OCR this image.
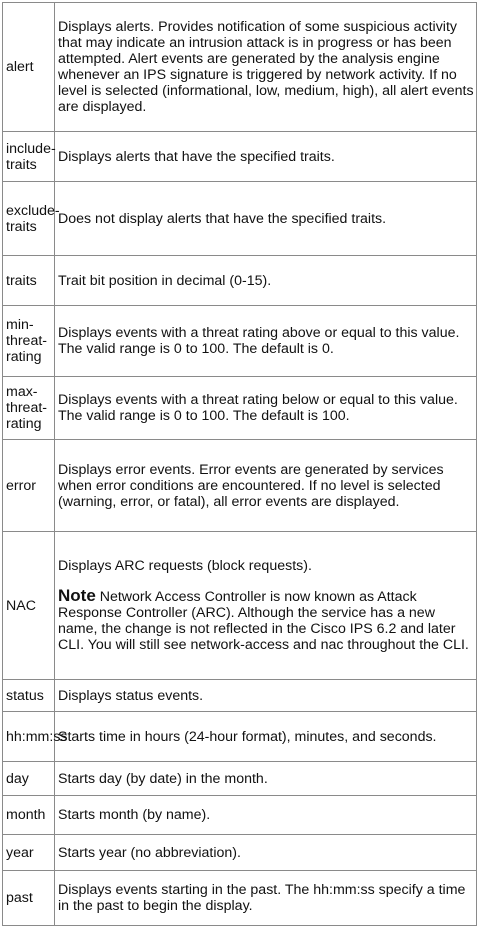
alert	Displays alerts. Provides notification of some suspicious activity that may indicate an intrusion attack is in progress or has been attempted. Alert events are generated by the analysis engine whenever an IPS signature is triggered by network activity. If no level is selected (informational, low, medium, high), all alert events are displayed.
include-traits	Displays alerts that have the specified traits.
exclude-traits	Does not display alerts that have the specified traits.
traits	Trait bit position in decimal (0-15).
min-threat-rating	Displays events with a threat rating above or equal to this value. The valid range is 0 to 100. The default is 0.
max-threat-rating	Displays events with a threat rating below or equal to this value. The valid range is 0 to 100. The default is 100.
error	Displays error events. Error events are generated by services when error conditions are encountered. If no level is selected (warning, error, or fatal), all error events are displayed.
NAC	Displays ARC requests (block requests).
Note Network Access Controller is now known as Attack Response Controller (ARC). Although the service has a new name, the change is not reflected in the Cisco IPS 6.2 and later CLI. You will still see network-access and nac throughout the CLI.

status	Displays status events.
hh:mm:ss	Starts time in hours (24-hour format), minutes, and seconds.
day	Starts day (by date) in the month.
month	Starts month (by name).
year	Starts year (no abbreviation).
past	Displays events starting in the past. The hh:mm:ss specify a time in the past to begin the display.
